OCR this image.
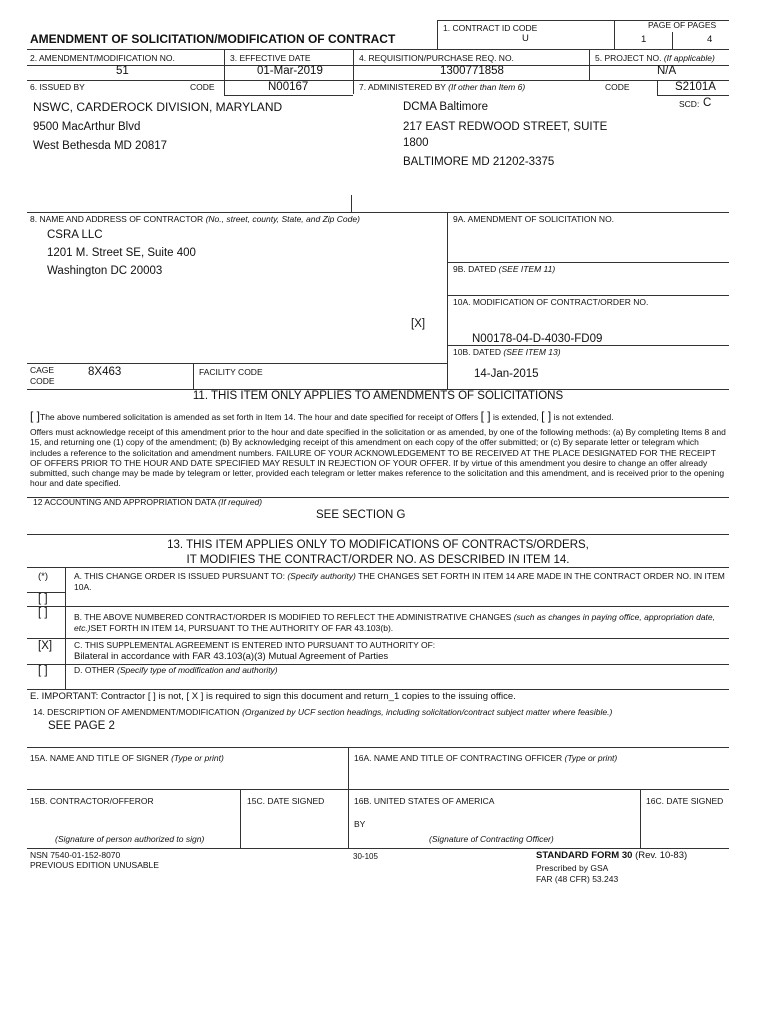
AMENDMENT OF SOLICITATION/MODIFICATION OF CONTRACT
1. CONTRACT ID CODE
U
PAGE OF PAGES
1	4
2. AMENDMENT/MODIFICATION NO.
51
3. EFFECTIVE DATE
01-Mar-2019
4. REQUISITION/PURCHASE REQ. NO.
1300771858
5. PROJECT NO. (If applicable)
N/A
6. ISSUED BY	CODE	N00167	7. ADMINISTERED BY (If other than Item 6)	CODE	S2101A
SCD: C
NSWC, CARDEROCK DIVISION, MARYLAND
9500 MacArthur Blvd
West Bethesda MD 20817
DCMA Baltimore
217 EAST REDWOOD STREET, SUITE
1800
BALTIMORE MD 21202-3375
8. NAME AND ADDRESS OF CONTRACTOR (No., street, county, State, and Zip Code)
CSRA LLC
1201 M. Street SE, Suite 400
Washington DC 20003
CAGE
CODE
8X463	FACILITY CODE
9A. AMENDMENT OF SOLICITATION NO.
9B. DATED (SEE ITEM 11)
10A. MODIFICATION OF CONTRACT/ORDER NO.
[X]
N00178-04-D-4030-FD09
10B. DATED (SEE ITEM 13)
14-Jan-2015
11. THIS ITEM ONLY APPLIES TO AMENDMENTS OF SOLICITATIONS
[ ]The above numbered solicitation is amended as set forth in Item 14. The hour and date specified for receipt of Offers [ ] is extended, [ ] is not extended.
Offers must acknowledge receipt of this amendment prior to the hour and date specified in the solicitation or as amended, by one of the following methods: (a) By completing Items 8 and 15, and returning one (1) copy of the amendment; (b) By acknowledging receipt of this amendment on each copy of the offer submitted; or (c) By separate letter or telegram which includes a reference to the solicitation and amendment numbers. FAILURE OF YOUR ACKNOWLEDGEMENT TO BE RECEIVED AT THE PLACE DESIGNATED FOR THE RECEIPT OF OFFERS PRIOR TO THE HOUR AND DATE SPECIFIED MAY RESULT IN REJECTION OF YOUR OFFER. If by virtue of this amendment you desire to change an offer already submitted, such change may be made by telegram or letter, provided each telegram or letter makes reference to the solicitation and this amendment, and is received prior to the opening hour and date specified.
12 ACCOUNTING AND APPROPRIATION DATA (If required)
SEE SECTION G
13. THIS ITEM APPLIES ONLY TO MODIFICATIONS OF CONTRACTS/ORDERS,
IT MODIFIES THE CONTRACT/ORDER NO. AS DESCRIBED IN ITEM 14.
(*)	A. THIS CHANGE ORDER IS ISSUED PURSUANT TO: (Specify authority) THE CHANGES SET FORTH IN ITEM 14 ARE MADE IN THE CONTRACT ORDER NO. IN ITEM 10A.
[ ]
[ ]	B. THE ABOVE NUMBERED CONTRACT/ORDER IS MODIFIED TO REFLECT THE ADMINISTRATIVE CHANGES (such as changes in paying office, appropriation date, etc.)SET FORTH IN ITEM 14, PURSUANT TO THE AUTHORITY OF FAR 43.103(b).
[X]	C. THIS SUPPLEMENTAL AGREEMENT IS ENTERED INTO PURSUANT TO AUTHORITY OF:
Bilateral in accordance with FAR 43.103(a)(3) Mutual Agreement of Parties
[ ]	D. OTHER (Specify type of modification and authority)
E. IMPORTANT: Contractor [ ] is not, [ X ] is required to sign this document and return_1 copies to the issuing office.
14. DESCRIPTION OF AMENDMENT/MODIFICATION (Organized by UCF section headings, including solicitation/contract subject matter where feasible.)
SEE PAGE 2
15A. NAME AND TITLE OF SIGNER (Type or print)	16A. NAME AND TITLE OF CONTRACTING OFFICER (Type or print)
15B. CONTRACTOR/OFFEROR	15C. DATE SIGNED	16B. UNITED STATES OF AMERICA	16C. DATE SIGNED
BY
(Signature of person authorized to sign)	(Signature of Contracting Officer)
NSN 7540-01-152-8070
PREVIOUS EDITION UNUSABLE
30-105	STANDARD FORM 30 (Rev. 10-83)
Prescribed by GSA
FAR (48 CFR) 53.243
